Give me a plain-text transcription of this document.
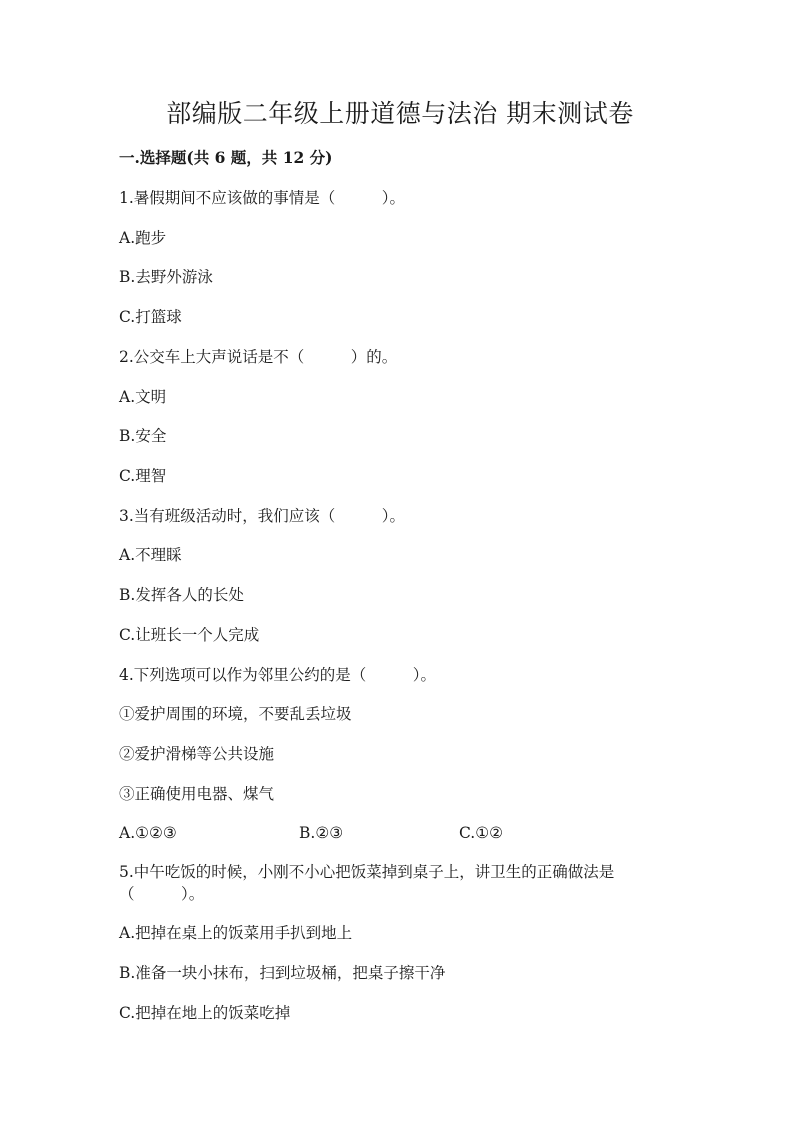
部编版二年级上册道德与法治 期末测试卷
一.选择题(共 6 题，共 12 分)
1.暑假期间不应该做的事情是（　　　）。
A.跑步
B.去野外游泳
C.打篮球
2.公交车上大声说话是不（　　　）的。
A.文明
B.安全
C.理智
3.当有班级活动时，我们应该（　　　）。
A.不理睬
B.发挥各人的长处
C.让班长一个人完成
4.下列选项可以作为邻里公约的是（　　　）。
①爱护周围的环境，不要乱丢垃圾
②爱护滑梯等公共设施
③正确使用电器、煤气
A.①②③	B.②③	C.①②
5.中午吃饭的时候，小刚不小心把饭菜掉到桌子上，讲卫生的正确做法是（　　　）。
A.把掉在桌上的饭菜用手扒到地上
B.准备一块小抹布，扫到垃圾桶，把桌子擦干净
C.把掉在地上的饭菜吃掉
